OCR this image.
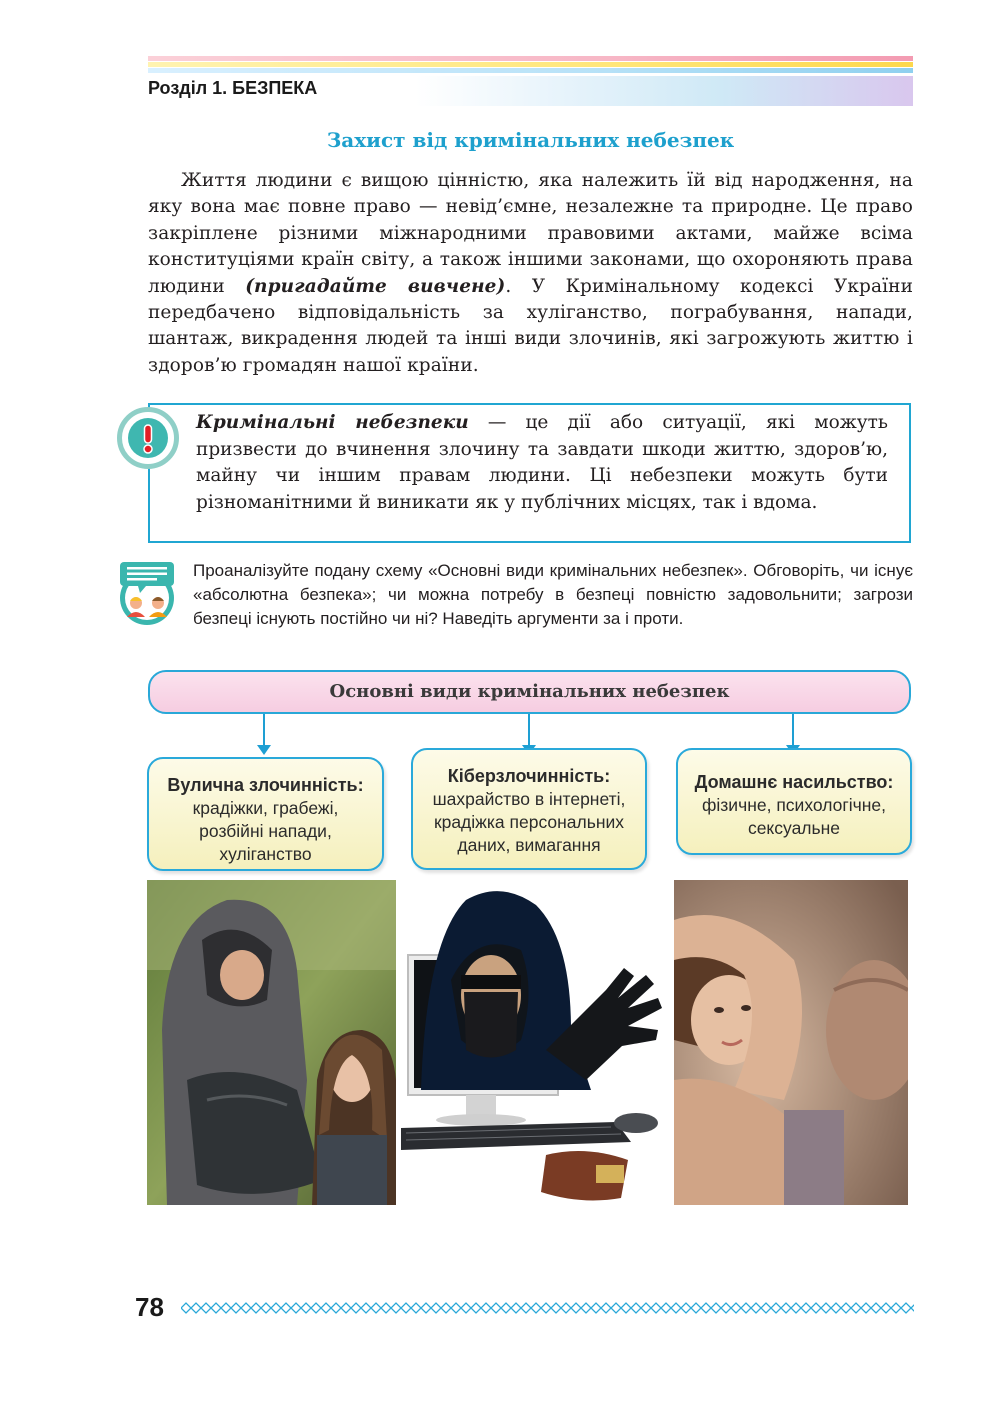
Розділ 1. БЕЗПЕКА
Захист від кримінальних небезпек

Життя людини є вищою цінністю, яка належить їй від народження, на яку вона має повне право — невід’ємне, незалежне та природне. Це право закріплене різними міжнародними правовими актами, майже всіма конституціями країн світу, а також іншими законами, що охороняють права людини (пригадайте вивчене). У Кримінальному кодексі України передбачено відповідальність за хуліганство, пограбування, напади, шантаж, викрадення людей та інші види злочинів, які загрожують життю і здоров’ю громадян нашої країни.

Кримінальні небезпеки — це дії або ситуації, які можуть призвести до вчинення злочину та завдати шкоди життю, здоров’ю, майну чи іншим правам людини. Ці небезпеки можуть бути різноманітними й виникати як у публічних місцях, так і вдома.

Проаналізуйте подану схему «Основні види кримінальних небезпек». Обговоріть, чи існує «абсолютна безпека»; чи можна потребу в безпеці повністю задовольнити; загрози безпеці існують постійно чи ні? Наведіть аргументи за і проти.

Основні види кримінальних небезпек
Вулична злочинність:
крадіжки, грабежі, розбійні напади, хуліганство
Кіберзлочинність:
шахрайство в інтернеті, крадіжка персональних даних, вимагання
Домашнє насильство:
фізичне, психологічне, сексуальне
78
